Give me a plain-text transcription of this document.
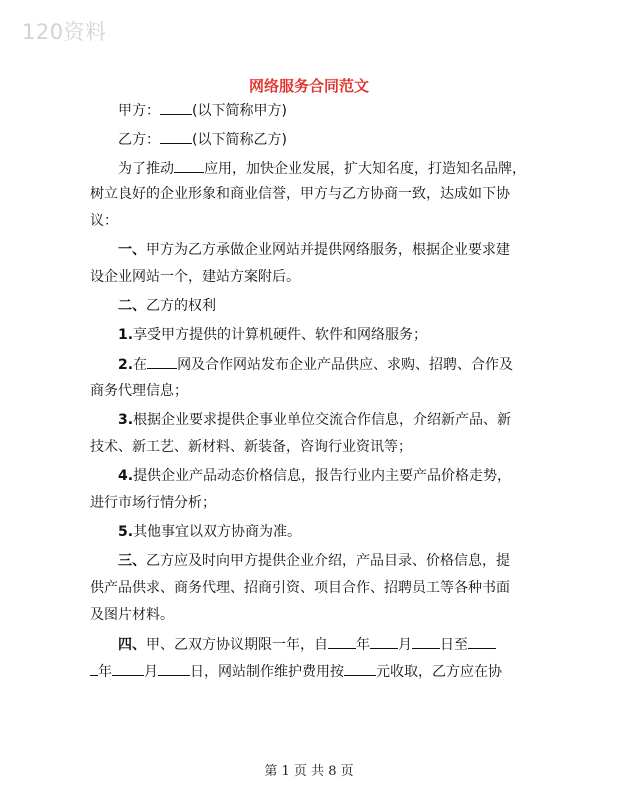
120资料
网络服务合同范文
甲方： (以下简称甲方)
乙方： (以下简称乙方)
为了推动 应用，加快企业发展，扩大知名度，打造知名品牌，
树立良好的企业形象和商业信誉，甲方与乙方协商一致，达成如下协
议：
一、甲方为乙方承做企业网站并提供网络服务，根据企业要求建
设企业网站一个，建站方案附后。
二、乙方的权利
1.享受甲方提供的计算机硬件、软件和网络服务；
2.在 网及合作网站发布企业产品供应、求购、招聘、合作及
商务代理信息；
3.根据企业要求提供企事业单位交流合作信息，介绍新产品、新
技术、新工艺、新材料、新装备，咨询行业资讯等；
4.提供企业产品动态价格信息，报告行业内主要产品价格走势，
进行市场行情分析；
5.其他事宜以双方协商为准。
三、乙方应及时向甲方提供企业介绍，产品目录、价格信息，提
供产品供求、商务代理、招商引资、项目合作、招聘员工等各种书面
及图片材料。
四、甲、乙双方协议期限一年，自 年 月 日至
年 月 日，网站制作维护费用按 元收取，乙方应在协
第 1 页 共 8 页
